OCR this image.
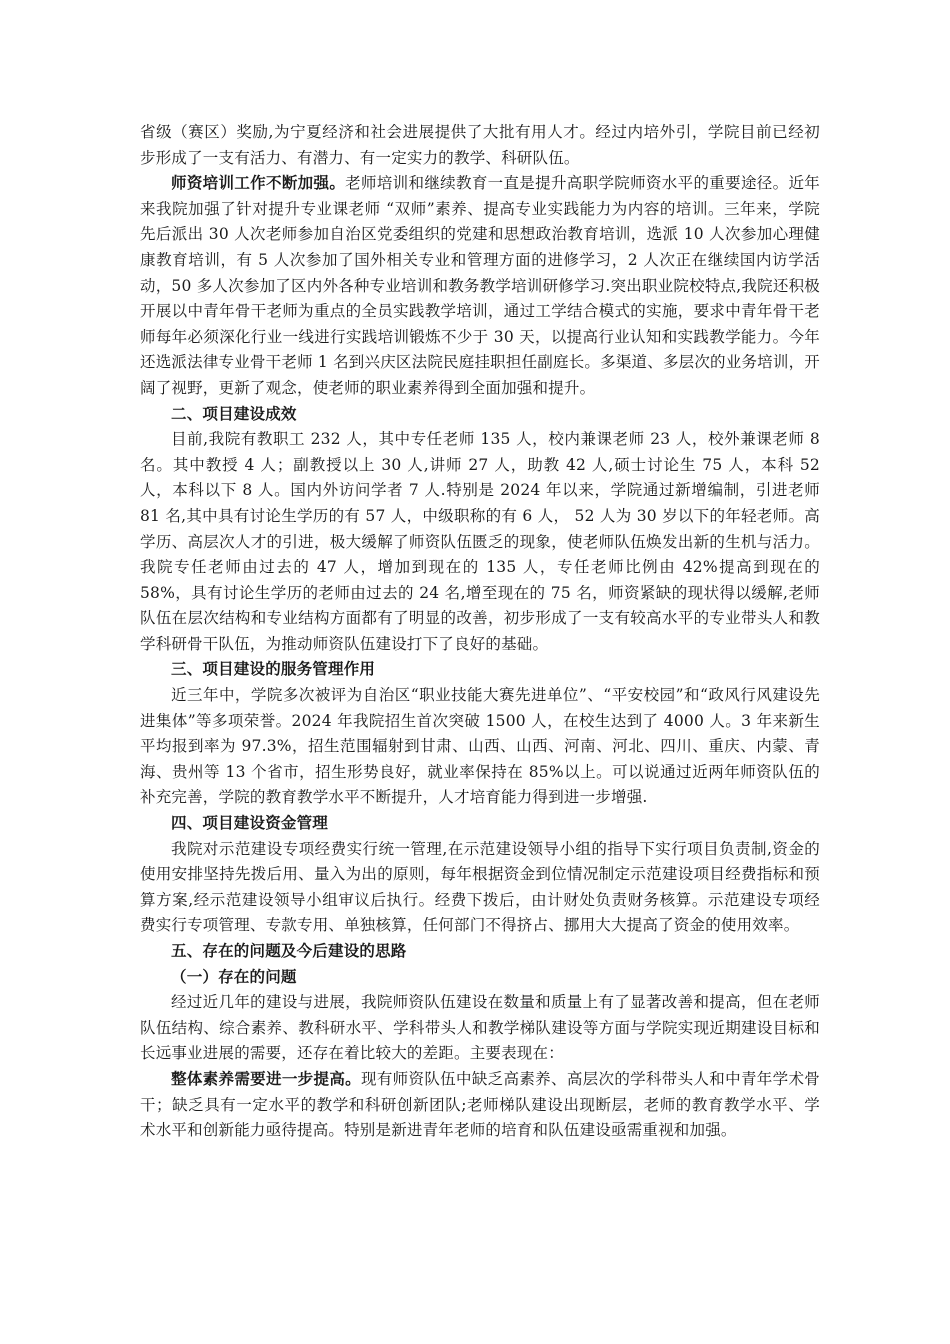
省级（赛区）奖励,为宁夏经济和社会进展提供了大批有用人才。经过内培外引，学院目前已经初步形成了一支有活力、有潜力、有一定实力的教学、科研队伍。

师资培训工作不断加强。老师培训和继续教育一直是提升高职学院师资水平的重要途径。近年来我院加强了针对提升专业课老师 “双师”素养、提高专业实践能力为内容的培训。三年来，学院先后派出 30 人次老师参加自治区党委组织的党建和思想政治教育培训，选派 10 人次参加心理健康教育培训，有 5 人次参加了国外相关专业和管理方面的进修学习，2 人次正在继续国内访学活动，50 多人次参加了区内外各种专业培训和教务教学培训研修学习.突出职业院校特点,我院还积极开展以中青年骨干老师为重点的全员实践教学培训，通过工学结合模式的实施，要求中青年骨干老师每年必须深化行业一线进行实践培训锻炼不少于 30 天，以提高行业认知和实践教学能力。今年还选派法律专业骨干老师 1 名到兴庆区法院民庭挂职担任副庭长。多渠道、多层次的业务培训，开阔了视野，更新了观念，使老师的职业素养得到全面加强和提升。

二、项目建设成效

目前,我院有教职工 232 人，其中专任老师 135 人，校内兼课老师 23 人，校外兼课老师 8 名。其中教授 4 人；副教授以上 30 人,讲师 27 人，助教 42 人,硕士讨论生 75 人，本科 52 人，本科以下 8 人。国内外访问学者 7 人.特别是 2024 年以来，学院通过新增编制，引进老师 81 名,其中具有讨论生学历的有 57 人，中级职称的有 6 人， 52 人为 30 岁以下的年轻老师。高学历、高层次人才的引进，极大缓解了师资队伍匮乏的现象，使老师队伍焕发出新的生机与活力。我院专任老师由过去的 47 人，增加到现在的 135 人，专任老师比例由 42%提高到现在的 58%，具有讨论生学历的老师由过去的 24 名,增至现在的 75 名，师资紧缺的现状得以缓解,老师队伍在层次结构和专业结构方面都有了明显的改善，初步形成了一支有较高水平的专业带头人和教学科研骨干队伍，为推动师资队伍建设打下了良好的基础。

三、项目建设的服务管理作用

近三年中，学院多次被评为自治区“职业技能大赛先进单位”、“平安校园”和“政风行风建设先进集体”等多项荣誉。2024 年我院招生首次突破 1500 人，在校生达到了 4000 人。3 年来新生平均报到率为 97.3%，招生范围辐射到甘肃、山西、山西、河南、河北、四川、重庆、内蒙、青海、贵州等 13 个省市，招生形势良好，就业率保持在 85%以上。可以说通过近两年师资队伍的补充完善，学院的教育教学水平不断提升，人才培育能力得到进一步增强.

四、项目建设资金管理

我院对示范建设专项经费实行统一管理,在示范建设领导小组的指导下实行项目负责制,资金的使用安排坚持先拨后用、量入为出的原则，每年根据资金到位情况制定示范建设项目经费指标和预算方案,经示范建设领导小组审议后执行。经费下拨后，由计财处负责财务核算。示范建设专项经费实行专项管理、专款专用、单独核算，任何部门不得挤占、挪用大大提高了资金的使用效率。

五、存在的问题及今后建设的思路

（一）存在的问题

经过近几年的建设与进展，我院师资队伍建设在数量和质量上有了显著改善和提高，但在老师队伍结构、综合素养、教科研水平、学科带头人和教学梯队建设等方面与学院实现近期建设目标和长远事业进展的需要，还存在着比较大的差距。主要表现在：

整体素养需要进一步提高。现有师资队伍中缺乏高素养、高层次的学科带头人和中青年学术骨干；缺乏具有一定水平的教学和科研创新团队;老师梯队建设出现断层，老师的教育教学水平、学术水平和创新能力亟待提高。特别是新进青年老师的培育和队伍建设亟需重视和加强。
